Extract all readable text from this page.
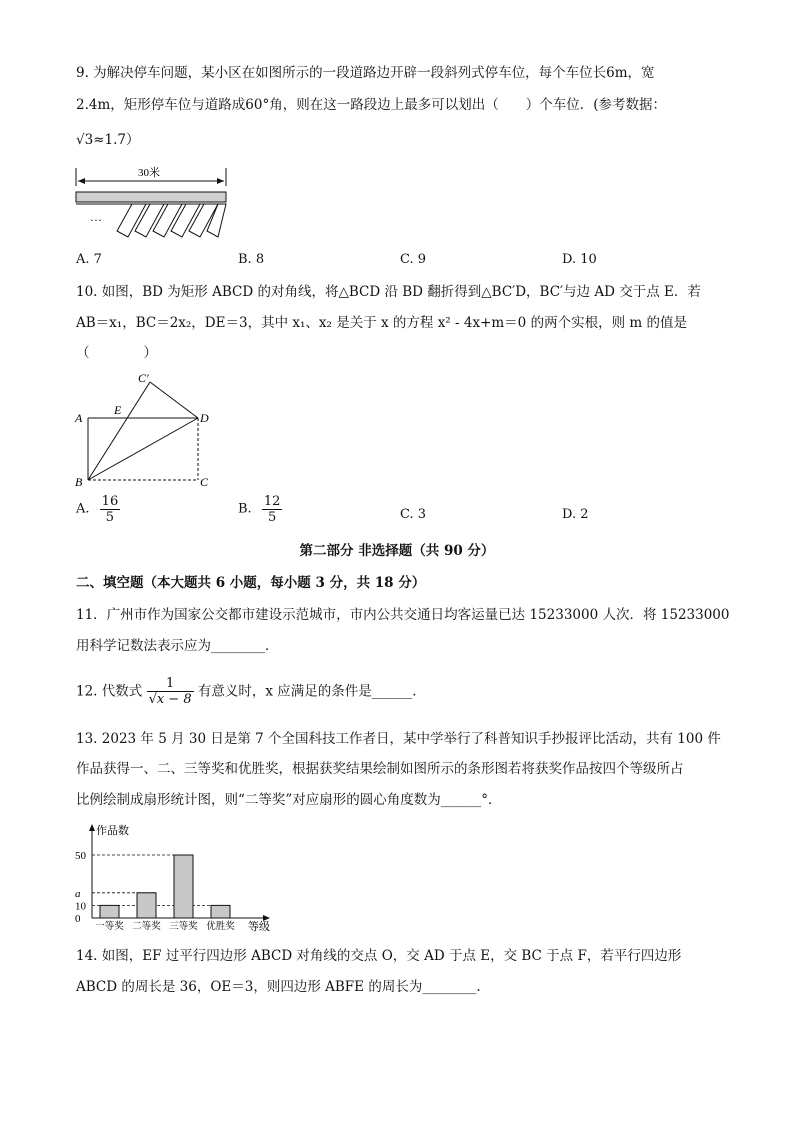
9. 为解决停车问题，某小区在如图所示的一段道路边开辟一段斜列式停车位，每个车位长6m，宽
2.4m，矩形停车位与道路成60°角，则在这一路段边上最多可以划出（　　）个车位．(参考数据：
√3≈1.7）
30米
···
A. 7	B. 8	C. 9	D. 10
10. 如图，BD 为矩形 ABCD 的对角线，将△BCD 沿 BD 翻折得到△BC′D，BC′与边 AD 交于点 E．若
AB＝x₁，BC＝2x₂，DE＝3，其中 x₁、x₂ 是关于 x 的方程 x² - 4x+m＝0 的两个实根，则 m 的值是
（　　　　）
A
B	C
D
E
C′
A. $\frac{16}{5}$	B. $\frac{12}{5}$	C. 3	D. 2
第二部分 非选择题（共 90 分）
二、填空题（本大题共 6 小题，每小题 3 分，共 18 分）
11．广州市作为国家公交都市建设示范城市，市内公共交通日均客运量已达 15233000 人次．将 15233000
用科学记数法表示应为________．
12. 代数式 $\frac{1}{√x - 8}$ 有意义时，x 应满足的条件是______.
13. 2023 年 5 月 30 日是第 7 个全国科技工作者日，某中学举行了科普知识手抄报评比活动，共有 100 件
作品获得一、二、三等奖和优胜奖，根据获奖结果绘制如图所示的条形图若将获奖作品按四个等级所占
比例绘制成扇形统计图，则“二等奖”对应扇形的圆心角度数为______°．
作品数
等级
0
10
a
50
一等奖 二等奖 三等奖 优胜奖
14. 如图，EF 过平行四边形 ABCD 对角线的交点 O，交 AD 于点 E，交 BC 于点 F，若平行四边形
ABCD 的周长是 36，OE＝3，则四边形 ABFE 的周长为________.
